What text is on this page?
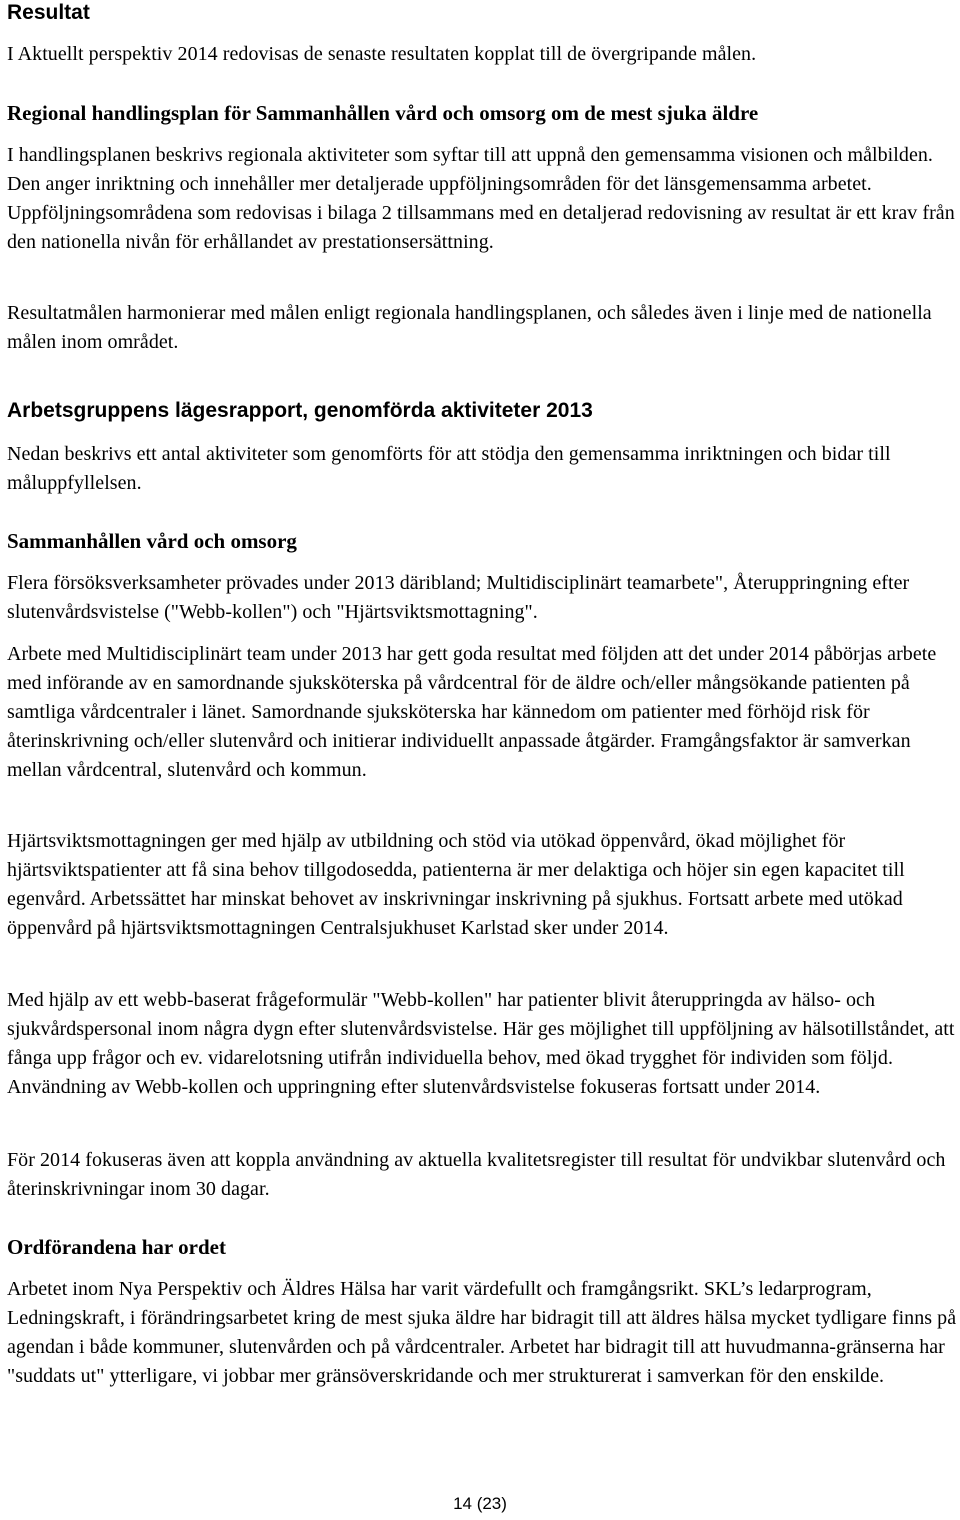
Resultat

I Aktuellt perspektiv 2014 redovisas de senaste resultaten kopplat till de övergripande målen.

Regional handlingsplan för Sammanhållen vård och omsorg om de mest sjuka äldre

I handlingsplanen beskrivs regionala aktiviteter som syftar till att uppnå den gemensamma visionen och målbilden. Den anger inriktning och innehåller mer detaljerade uppföljningsområden för det länsgemensamma arbetet. Uppföljningsområdena som redovisas i bilaga 2 tillsammans med en detaljerad redovisning av resultat är ett krav från den nationella nivån för erhållandet av prestationsersättning.

Resultatmålen harmonierar med målen enligt regionala handlingsplanen, och således även i linje med de nationella målen inom området.

Arbetsgruppens lägesrapport, genomförda aktiviteter 2013

Nedan beskrivs ett antal aktiviteter som genomförts för att stödja den gemensamma inriktningen och bidar till måluppfyllelsen.

Sammanhållen vård och omsorg

Flera försöksverksamheter prövades under 2013 däribland; Multidisciplinärt teamarbete", Återuppringning efter slutenvårdsvistelse ("Webb-kollen") och "Hjärtsviktsmottagning".

Arbete med Multidisciplinärt team under 2013 har gett goda resultat med följden att det under 2014 påbörjas arbete med införande av en samordnande sjuksköterska på vårdcentral för de äldre och/eller mångsökande patienten på samtliga vårdcentraler i länet. Samordnande sjuksköterska har kännedom om patienter med förhöjd risk för återinskrivning och/eller slutenvård och initierar individuellt anpassade åtgärder. Framgångsfaktor är samverkan mellan vårdcentral, slutenvård och kommun.

Hjärtsviktsmottagningen ger med hjälp av utbildning och stöd via utökad öppenvård, ökad möjlighet för hjärtsviktspatienter att få sina behov tillgodosedda, patienterna är mer delaktiga och höjer sin egen kapacitet till egenvård. Arbetssättet har minskat behovet av inskrivningar inskrivning på sjukhus. Fortsatt arbete med utökad öppenvård på hjärtsviktsmottagningen Centralsjukhuset Karlstad sker under 2014.

Med hjälp av ett webb-baserat frågeformulär "Webb-kollen" har patienter blivit återuppringda av hälso- och sjukvårdspersonal inom några dygn efter slutenvårdsvistelse. Här ges möjlighet till uppföljning av hälsotillståndet, att fånga upp frågor och ev. vidarelotsning utifrån individuella behov, med ökad trygghet för individen som följd. Användning av Webb-kollen och uppringning efter slutenvårdsvistelse fokuseras fortsatt under 2014.

För 2014 fokuseras även att koppla användning av aktuella kvalitetsregister till resultat för undvikbar slutenvård och återinskrivningar inom 30 dagar.

Ordförandena har ordet

Arbetet inom Nya Perspektiv och Äldres Hälsa har varit värdefullt och framgångsrikt. SKL’s ledarprogram, Ledningskraft, i förändringsarbetet kring de mest sjuka äldre har bidragit till att äldres hälsa mycket tydligare finns på agendan i både kommuner, slutenvården och på vårdcentraler. Arbetet har bidragit till att huvudmanna-gränserna har "suddats ut" ytterligare, vi jobbar mer gränsöverskridande och mer strukturerat i samverkan för den enskilde.

14 (23)
